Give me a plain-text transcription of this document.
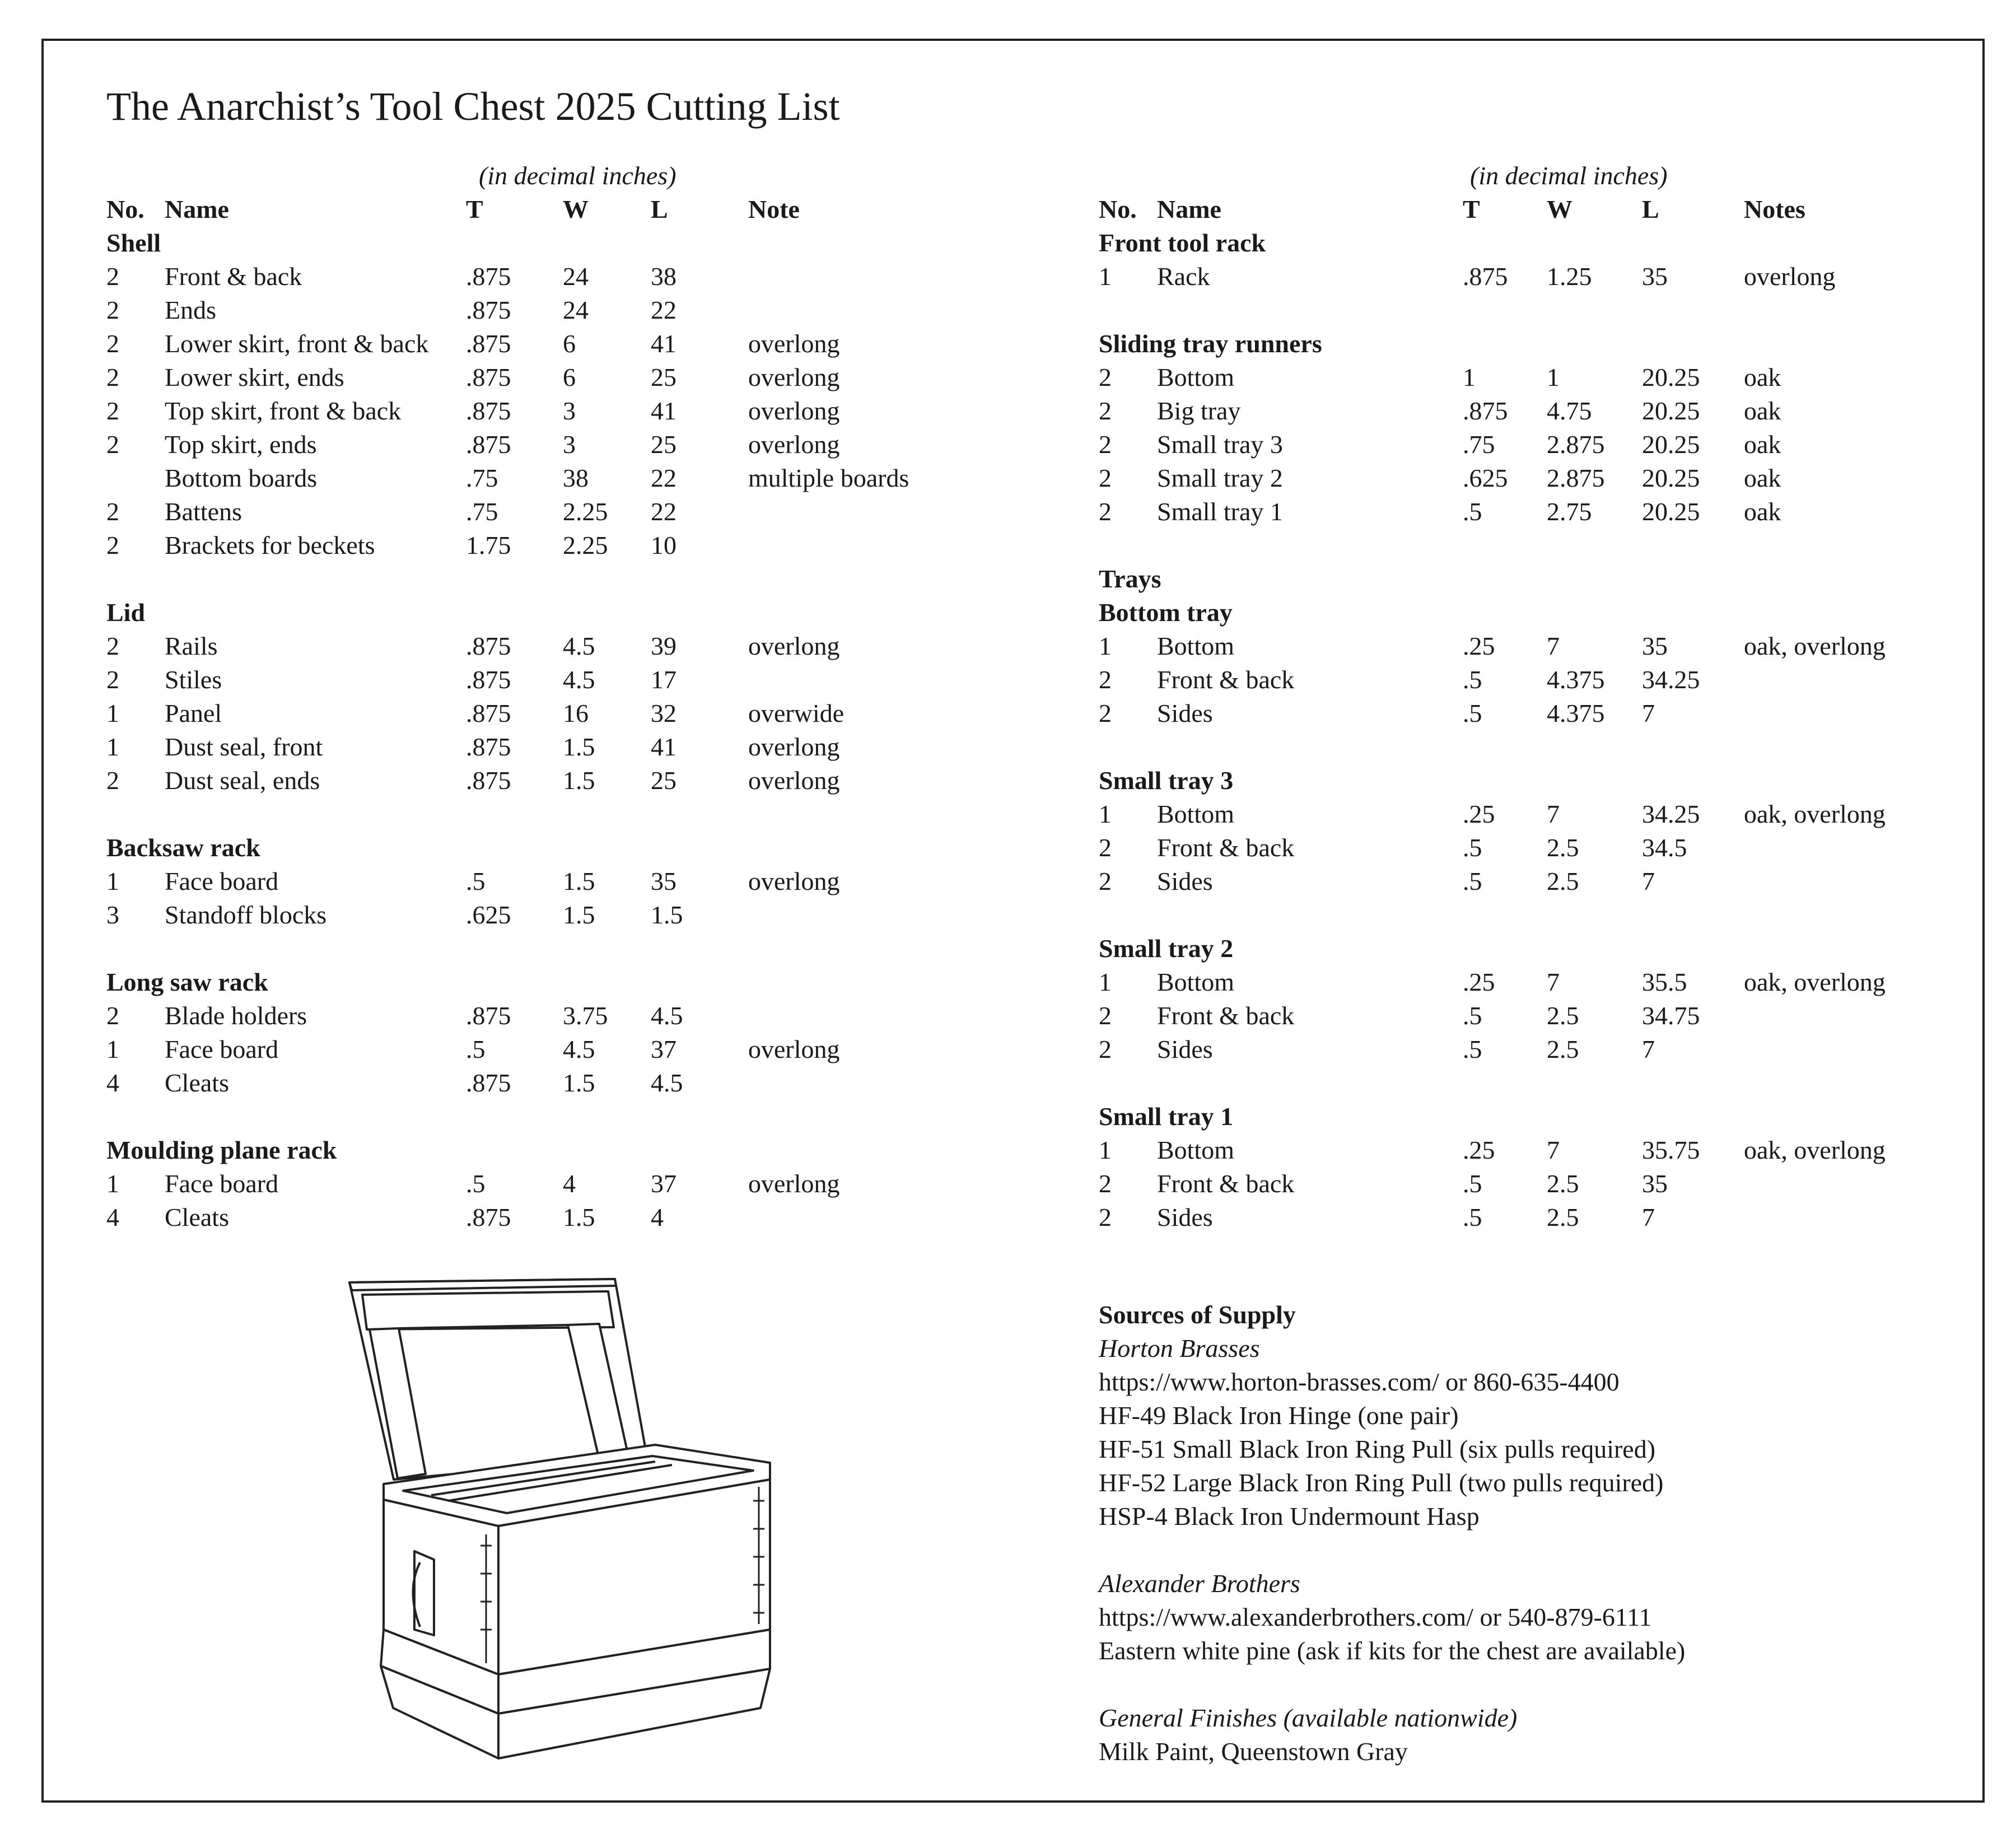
The Anarchist’s Tool Chest 2025 Cutting List
(in decimal inches)
No. Name	T	W L	Note
Shell
2 Front & back	.875 24 38
2 Ends	.875 24 22
2 Lower skirt, front & back .875 6	41	overlong
2 Lower skirt, ends	.875 6	25	overlong
2 Top skirt, front & back	.875 3	41	overlong
2 Top skirt, ends	.875 3	25	overlong
Bottom boards	.75	38 22	multiple boards
2 Battens	.75	2.25 22
2 Brackets for beckets	1.75 2.25 10
Lid
2 Rails	.875 4.5 39	overlong
2 Stiles	.875 4.5 17
1 Panel	.875 16 32	overwide
1 Dust seal, front	.875 1.5 41	overlong
2 Dust seal, ends	.875 1.5 25	overlong
Backsaw rack
1 Face board	.5	1.5 35	overlong
3 Standoff blocks	.625 1.5 1.5
Long saw rack
2 Blade holders	.875 3.75 4.5
1 Face board	.5	4.5 37	overlong
4 Cleats	.875 1.5 4.5
Moulding plane rack
1 Face board	.5	4	37	overlong
4 Cleats	.875 1.5 4
(in decimal inches)
No. Name	T	W	L	Notes
Front tool rack
1 Rack	.875 1.25 35	overlong
Sliding tray runners
2 Bottom	1	1	20.25 oak
2 Big tray	.875 4.75 20.25 oak
2 Small tray 3	.75 2.875 20.25 oak
2 Small tray 2	.625 2.875 20.25 oak
2 Small tray 1	.5	2.75 20.25 oak
Trays
Bottom tray
1 Bottom	.25 7	35	oak, overlong
2 Front & back	.5	4.375 34.25
2 Sides	.5	4.375 7
Small tray 3
1 Bottom	.25 7	34.25 oak, overlong
2 Front & back	.5	2.5 34.5
2 Sides	.5	2.5 7
Small tray 2
1 Bottom	.25 7	35.5 oak, overlong
2 Front & back	.5	2.5 34.75
2 Sides	.5	2.5 7
Small tray 1
1 Bottom	.25 7	35.75 oak, overlong
2 Front & back	.5	2.5 35
2 Sides	.5	2.5 7
Sources of Supply
Horton Brasses
https://www.horton-brasses.com/ or 860-635-4400
HF-49 Black Iron Hinge (one pair)
HF-51 Small Black Iron Ring Pull (six pulls required)
HF-52 Large Black Iron Ring Pull (two pulls required)
HSP-4 Black Iron Undermount Hasp
Alexander Brothers
https://www.alexanderbrothers.com/ or 540-879-6111
Eastern white pine (ask if kits for the chest are available)
General Finishes (available nationwide)
Milk Paint, Queenstown Gray
